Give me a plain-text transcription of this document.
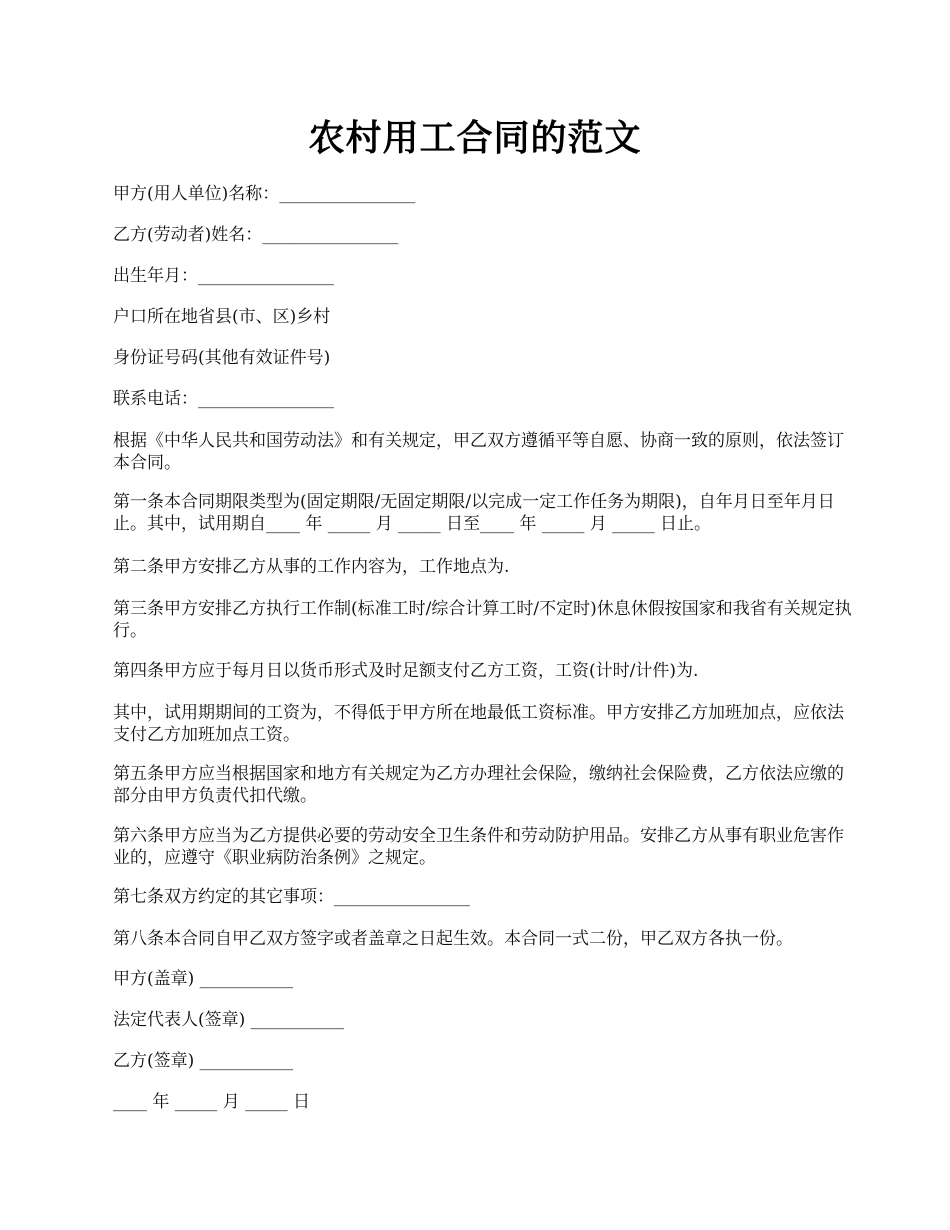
农村用工合同的范文
甲方(用人单位)名称：________________
乙方(劳动者)姓名：________________
出生年月：________________
户口所在地省县(市、区)乡村
身份证号码(其他有效证件号)
联系电话：________________
根据《中华人民共和国劳动法》和有关规定，甲乙双方遵循平等自愿、协商一致的原则，依法签订本合同。
第一条本合同期限类型为(固定期限/无固定期限/以完成一定工作任务为期限)，自年月日至年月日止。其中，试用期自____ 年 _____ 月 _____ 日至____ 年 _____ 月 _____ 日止。
第二条甲方安排乙方从事的工作内容为，工作地点为.
第三条甲方安排乙方执行工作制(标准工时/综合计算工时/不定时)休息休假按国家和我省有关规定执行。
第四条甲方应于每月日以货币形式及时足额支付乙方工资，工资(计时/计件)为.
其中，试用期期间的工资为，不得低于甲方所在地最低工资标准。甲方安排乙方加班加点，应依法支付乙方加班加点工资。
第五条甲方应当根据国家和地方有关规定为乙方办理社会保险，缴纳社会保险费，乙方依法应缴的部分由甲方负责代扣代缴。
第六条甲方应当为乙方提供必要的劳动安全卫生条件和劳动防护用品。安排乙方从事有职业危害作业的，应遵守《职业病防治条例》之规定。
第七条双方约定的其它事项：________________
第八条本合同自甲乙双方签字或者盖章之日起生效。本合同一式二份，甲乙双方各执一份。
甲方(盖章) ___________
法定代表人(签章) ___________
乙方(签章) ___________
____ 年 _____ 月 _____ 日
